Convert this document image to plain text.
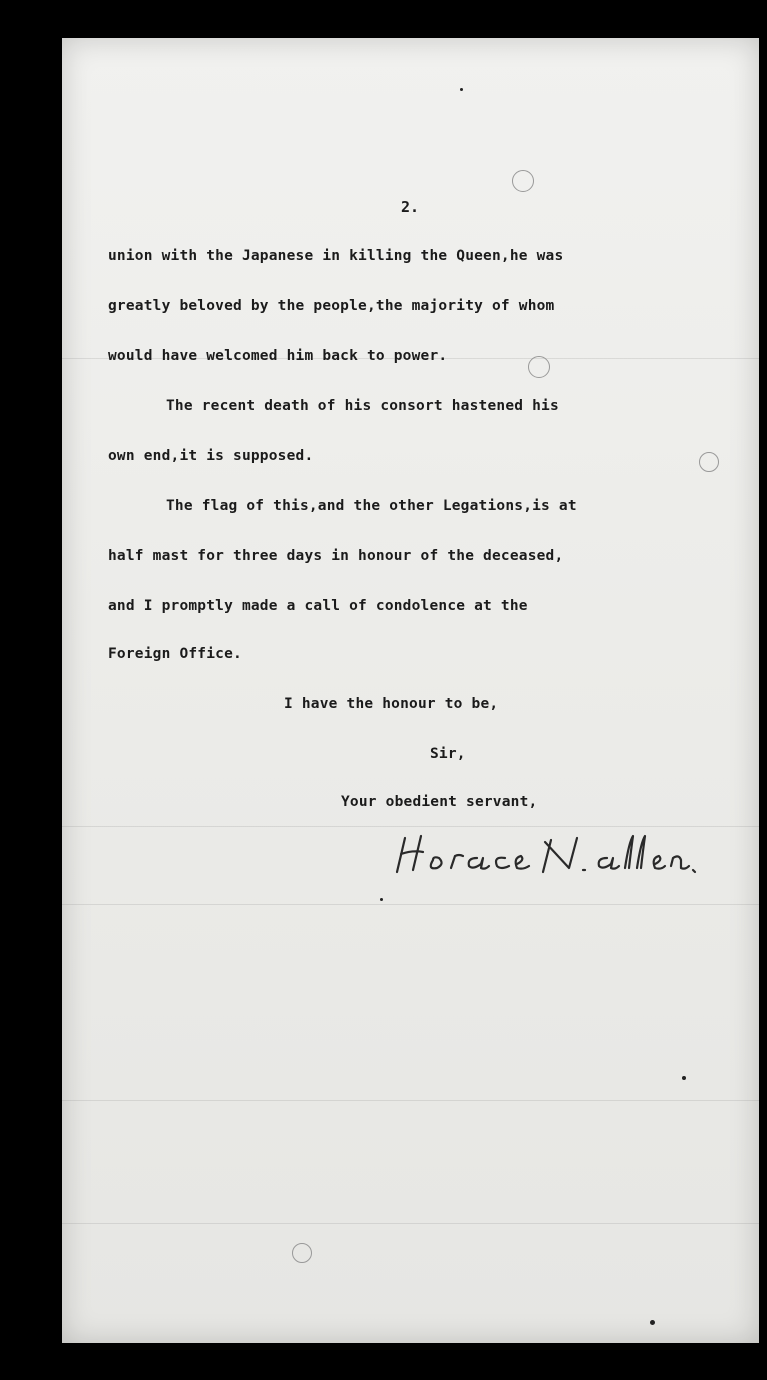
2.

union with the Japanese in killing the Queen,he was

greatly beloved by the people,the majority of whom

would have welcomed him back to power.

The recent death of his consort hastened his

own end,it is supposed.

The flag of this,and the other Legations,is at

half mast for three days in honour of the deceased,

and I promptly made a call of condolence at the

Foreign Office.

I have the honour to be,

Sir,

Your obedient servant,
